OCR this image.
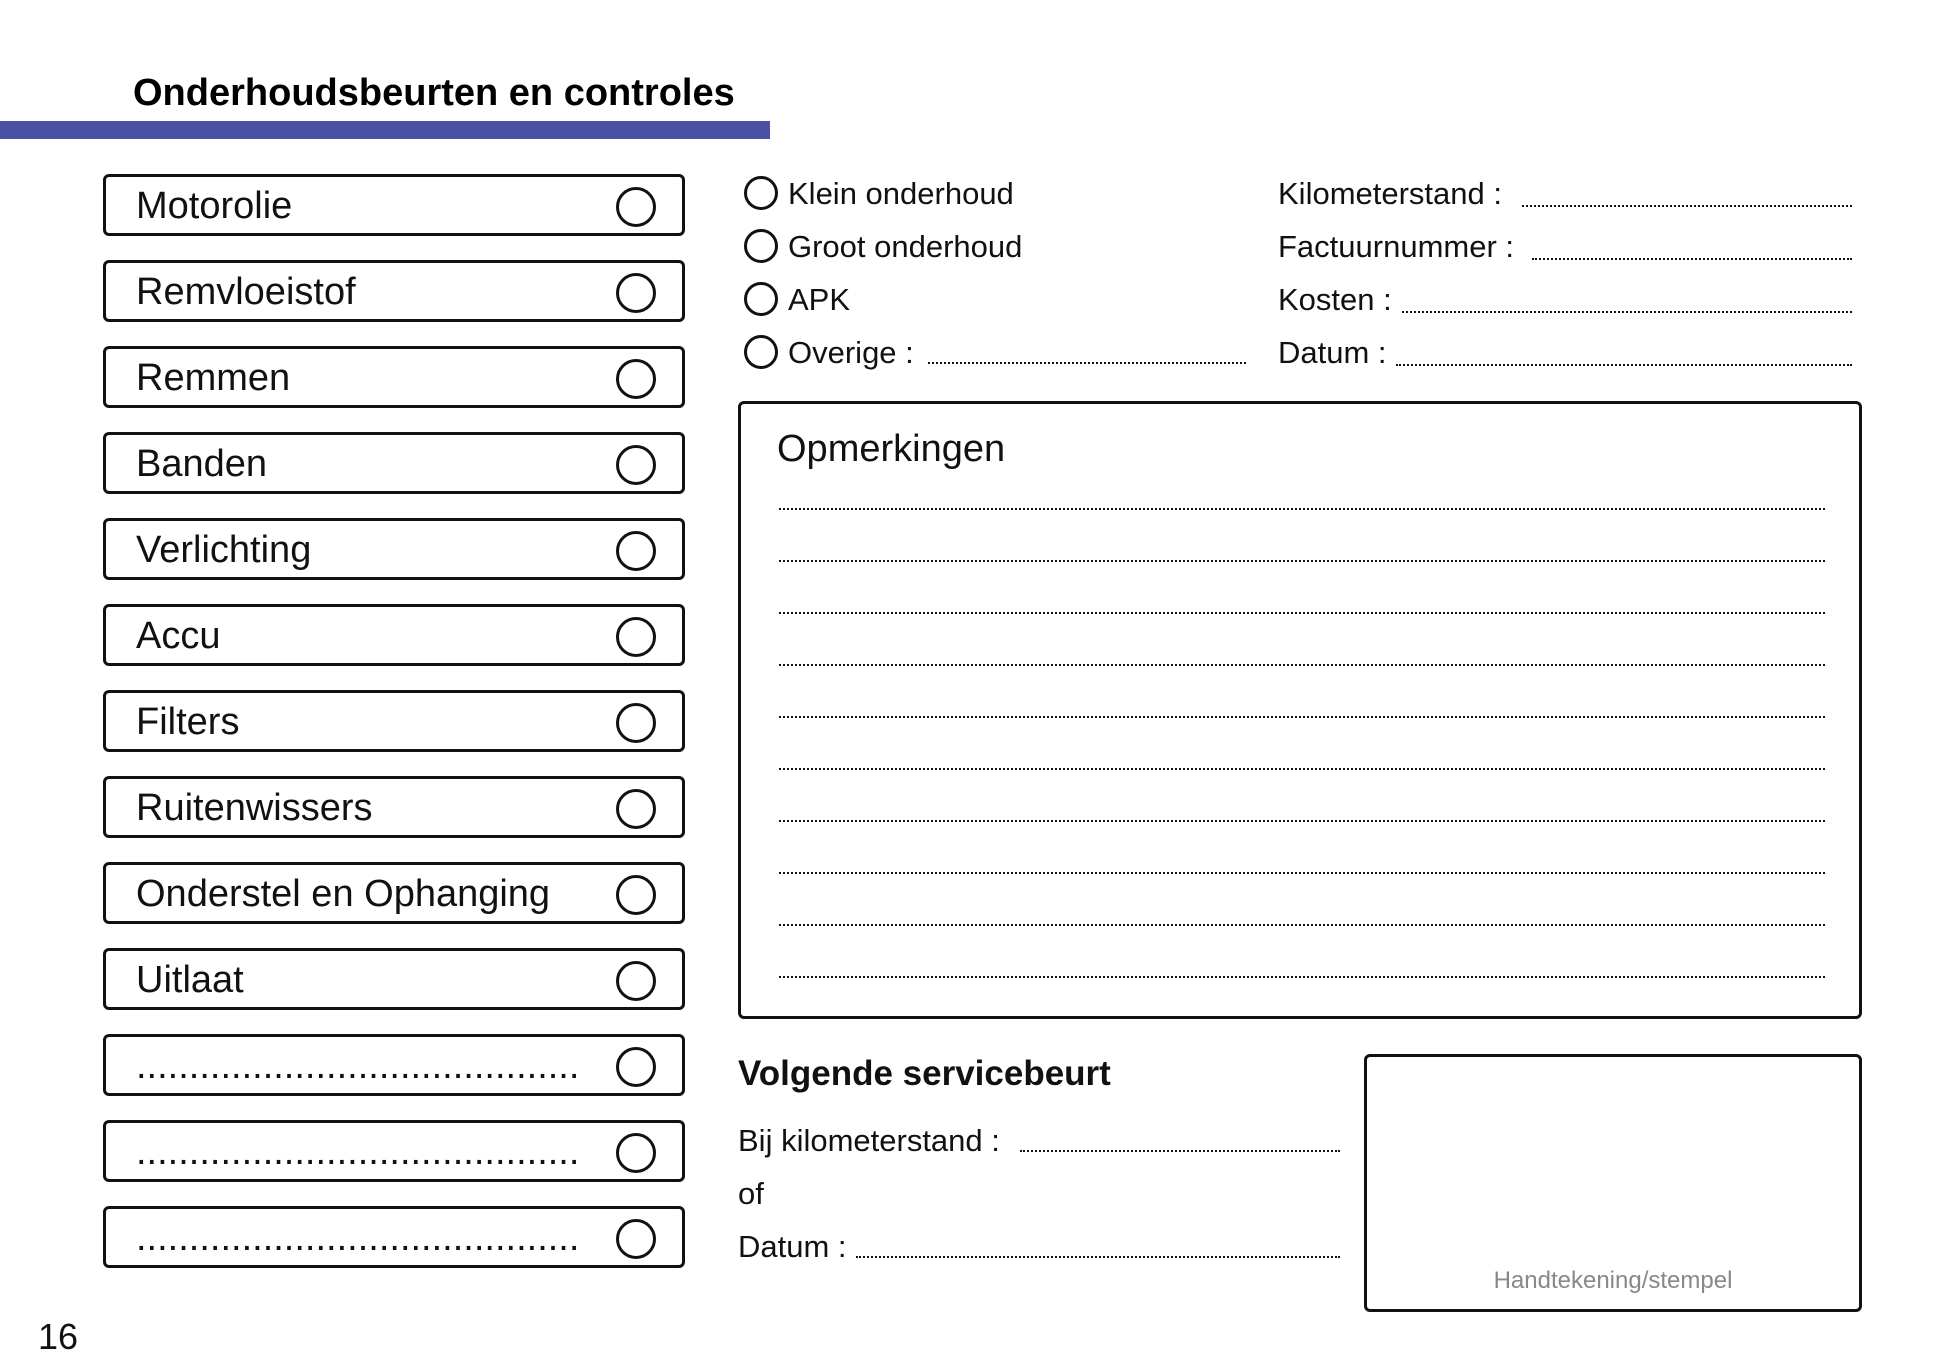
Onderhoudsbeurten en controles
Motorolie
Remvloeistof
Remmen
Banden
Verlichting
Accu
Filters
Ruitenwissers
Onderstel en Ophanging
Uitlaat
..........................................
..........................................
..........................................
Klein onderhoud
Groot onderhoud
APK
Overige :
Kilometerstand :
Factuurnummer :
Kosten :
Datum :
Opmerkingen
Volgende servicebeurt
Bij kilometerstand :
of
Datum :
Handtekening/stempel
16
